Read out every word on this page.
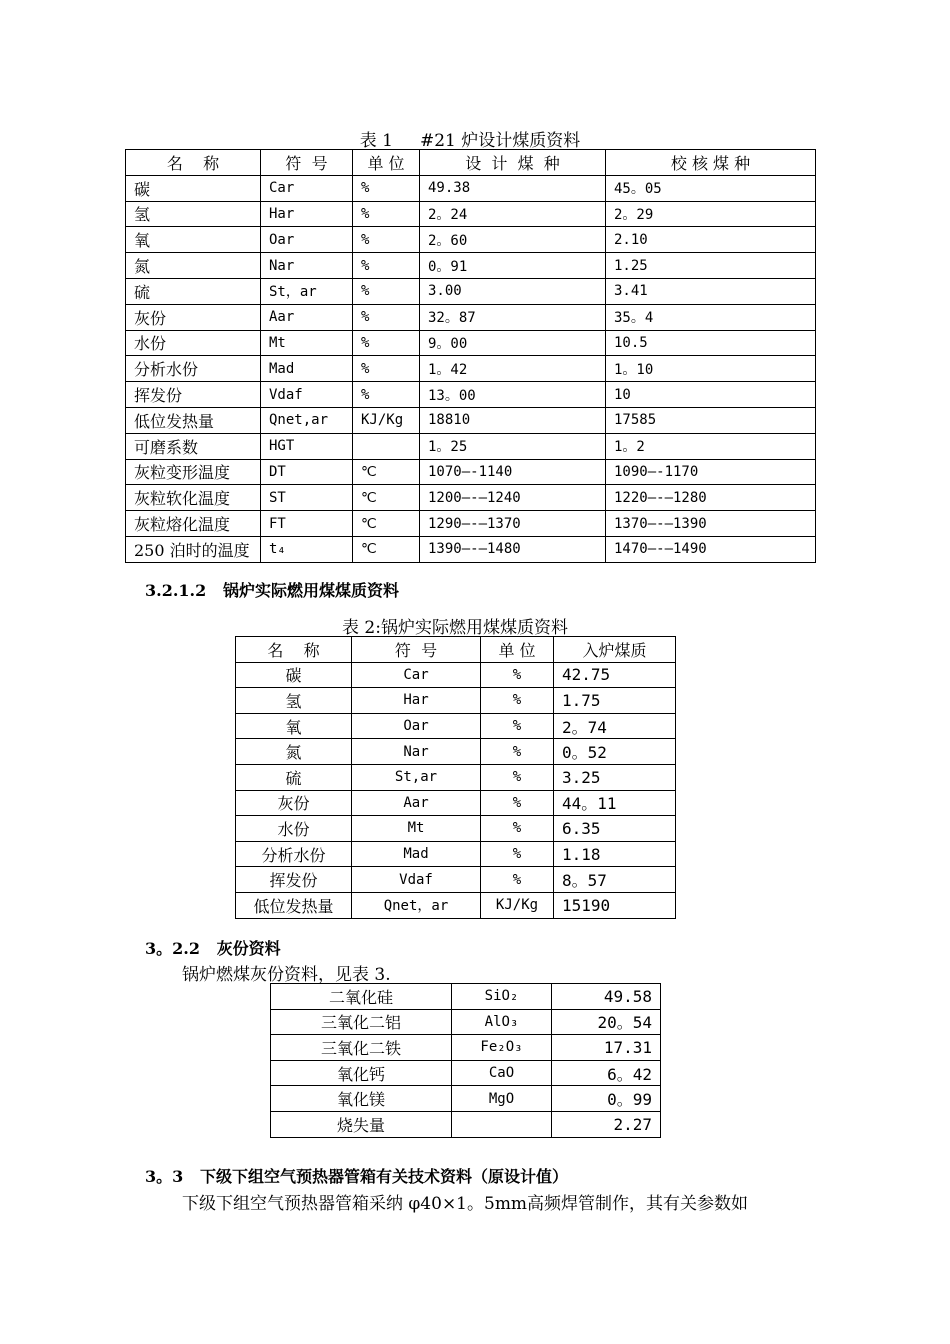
表 1     #21 炉设计煤质资料
名    称	符  号	单 位	设  计  煤  种	校 核 煤 种
碳	Car	%	49.38	45。05
氢	Har	%	2。24	2。29
氧	Oar	%	2。60	2.10
氮	Nar	%	0。91	1.25
硫	St，ar	%	3.00	3.41
灰份	Aar	%	32。87	35。4
水份	Mt	%	9。00	10.5
分析水份	Mad	%	1。42	1。10
挥发份	Vdaf	%	13。00	10
低位发热量	Qnet,ar	KJ/Kg	18810	17585
可磨系数	HGT		1。25	1。2
灰粒变形温度	DT	℃	1070—-1140	1090—-1170
灰粒软化温度	ST	℃	1200—-—1240	1220—-—1280
灰粒熔化温度	FT	℃	1290—-—1370	1370—-—1390
250 泊时的温度	t₄	℃	1390—-—1480	1470—-—1490
3.2.1.2   锅炉实际燃用煤煤质资料
表 2:锅炉实际燃用煤煤质资料
名    称	符  号	单 位	入炉煤质
碳	Car	%	42.75
氢	Har	%	1.75
氧	Oar	%	2。74
氮	Nar	%	0。52
硫	St,ar	%	3.25
灰份	Aar	%	44。11
水份	Mt	%	6.35
分析水份	Mad	%	1.18
挥发份	Vdaf	%	8。57
低位发热量	Qnet，ar	KJ/Kg	15190
3。2.2   灰份资料
锅炉燃煤灰份资料，见表 3.
二氧化硅	SiO₂	49.58
三氧化二铝	AlO₃	20。54
三氧化二铁	Fe₂O₃	17.31
氧化钙	CaO	6。42
氧化镁	MgO	0。99
烧失量		2.27
3。3   下级下组空气预热器管箱有关技术资料（原设计值）
下级下组空气预热器管箱采纳 φ40×1。5mm高频焊管制作，其有关参数如
